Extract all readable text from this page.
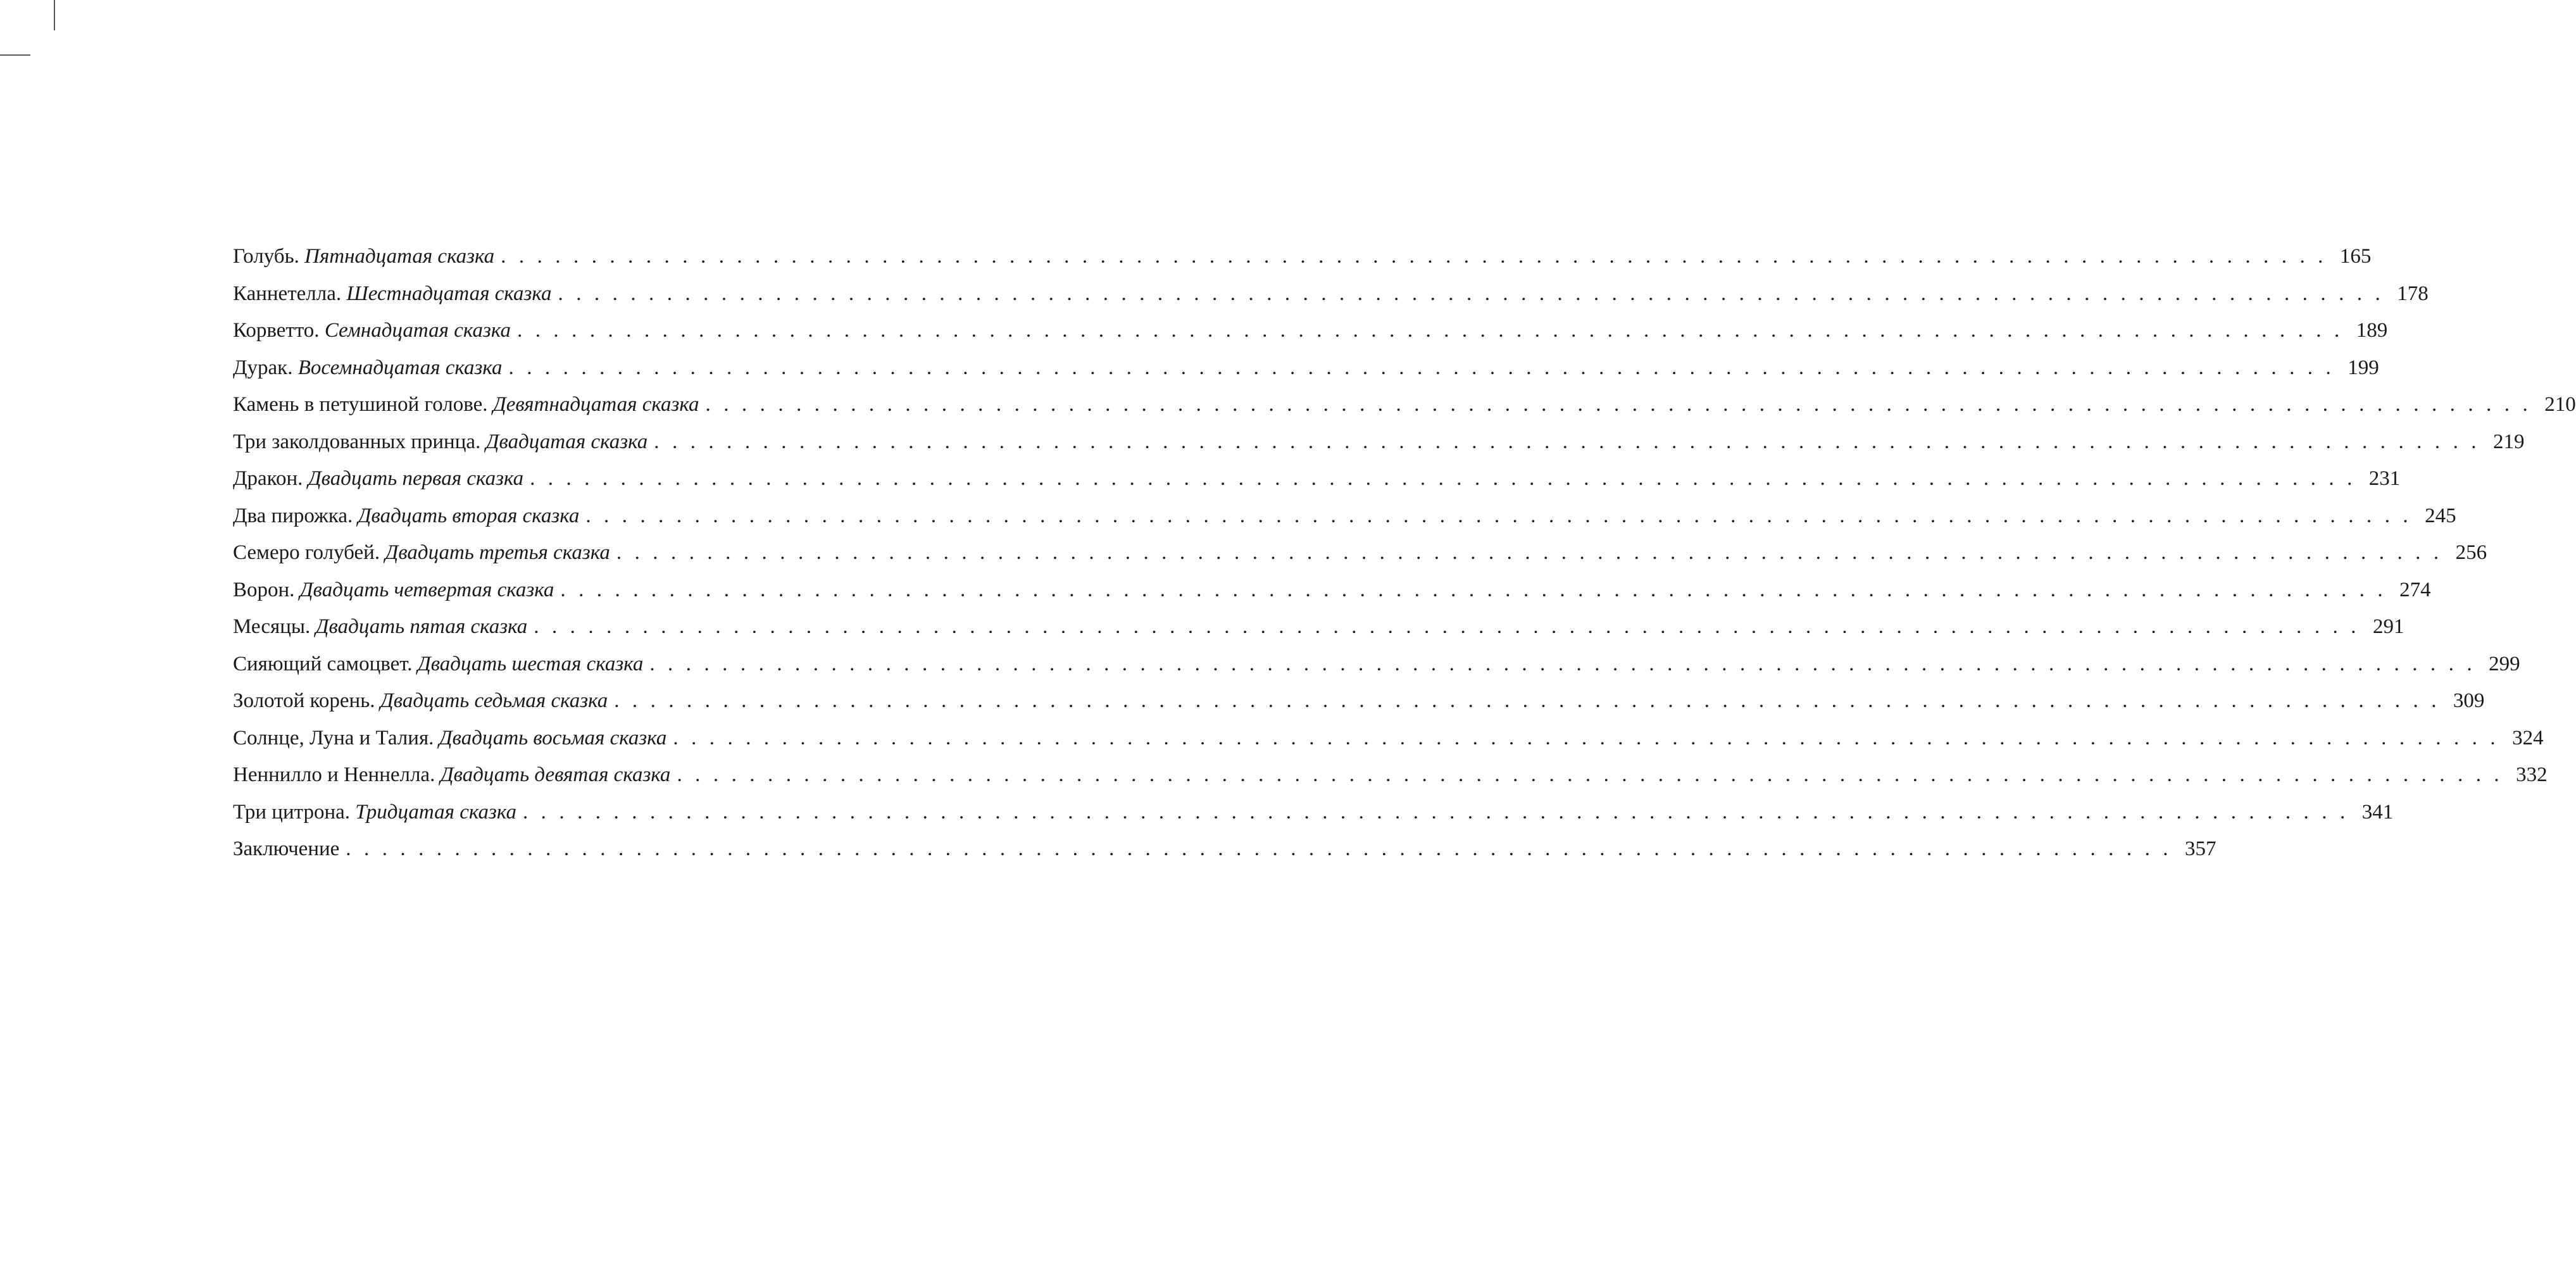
Голубь. Пятнадцатая сказка ..................................................................................................... 165
Каннетелла. Шестнадцатая сказка ..................................................................................................... 178
Корветто. Семнадцатая сказка ..................................................................................................... 189
Дурак. Восемнадцатая сказка ..................................................................................................... 199
Камень в петушиной голове. Девятнадцатая сказка ..................................................................................................... 210
Три заколдованных принца. Двадцатая сказка ..................................................................................................... 219
Дракон. Двадцать первая сказка ..................................................................................................... 231
Два пирожка. Двадцать вторая сказка ..................................................................................................... 245
Семеро голубей. Двадцать третья сказка ..................................................................................................... 256
Ворон. Двадцать четвертая сказка ..................................................................................................... 274
Месяцы. Двадцать пятая сказка ..................................................................................................... 291
Сияющий самоцвет. Двадцать шестая сказка ..................................................................................................... 299
Золотой корень. Двадцать седьмая сказка ..................................................................................................... 309
Солнце, Луна и Талия. Двадцать восьмая сказка ..................................................................................................... 324
Неннилло и Неннелла. Двадцать девятая сказка ..................................................................................................... 332
Три цитрона. Тридцатая сказка ..................................................................................................... 341
Заключение ..................................................................................................... 357
